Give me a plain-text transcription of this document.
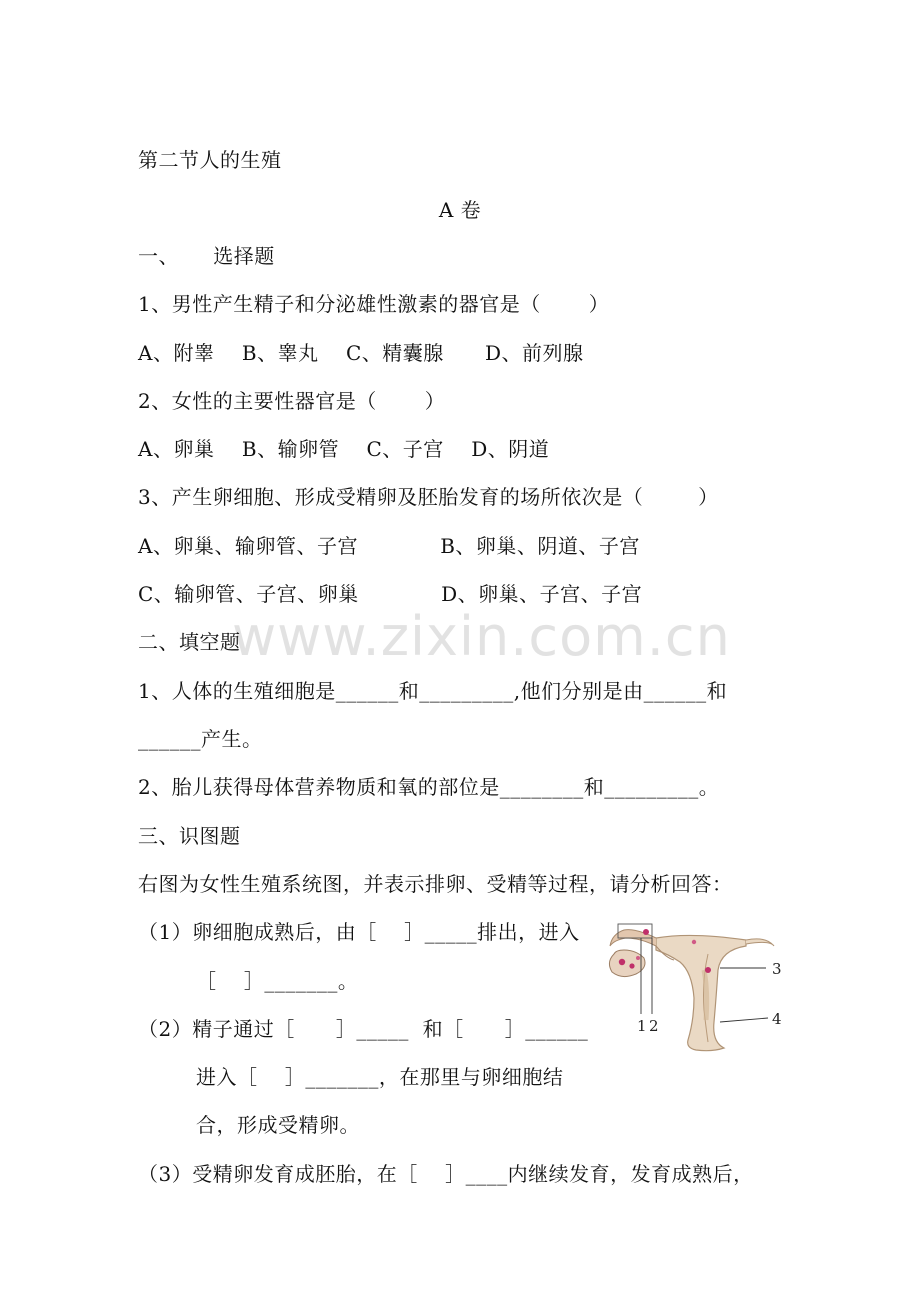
www.zixin.com.cn
第二节人的生殖
A 卷
一、     选择题
1、男性产生精子和分泌雄性激素的器官是（       ）
A、附睾    B、睾丸    C、精囊腺      D、前列腺
2、女性的主要性器官是（       ）
A、卵巢    B、输卵管    C、子宫    D、阴道
3、产生卵细胞、形成受精卵及胚胎发育的场所依次是（        ）
A、卵巢、输卵管、子宫            B、卵巢、阴道、子宫
C、输卵管、子宫、卵巢            D、卵巢、子宫、子宫
二、填空题
1、人体的生殖细胞是______和_________,他们分别是由______和
______产生。
2、胎儿获得母体营养物质和氧的部位是________和_________。
三、识图题
右图为女性生殖系统图，并表示排卵、受精等过程，请分析回答：
（1）卵细胞成熟后，由［    ］_____排出，进入
［    ］_______。
（2）精子通过［      ］_____  和［      ］______
进入［    ］_______，在那里与卵细胞结
合，形成受精卵。
（3）受精卵发育成胚胎，在［    ］____内继续发育，发育成熟后，
1 2
3
4
